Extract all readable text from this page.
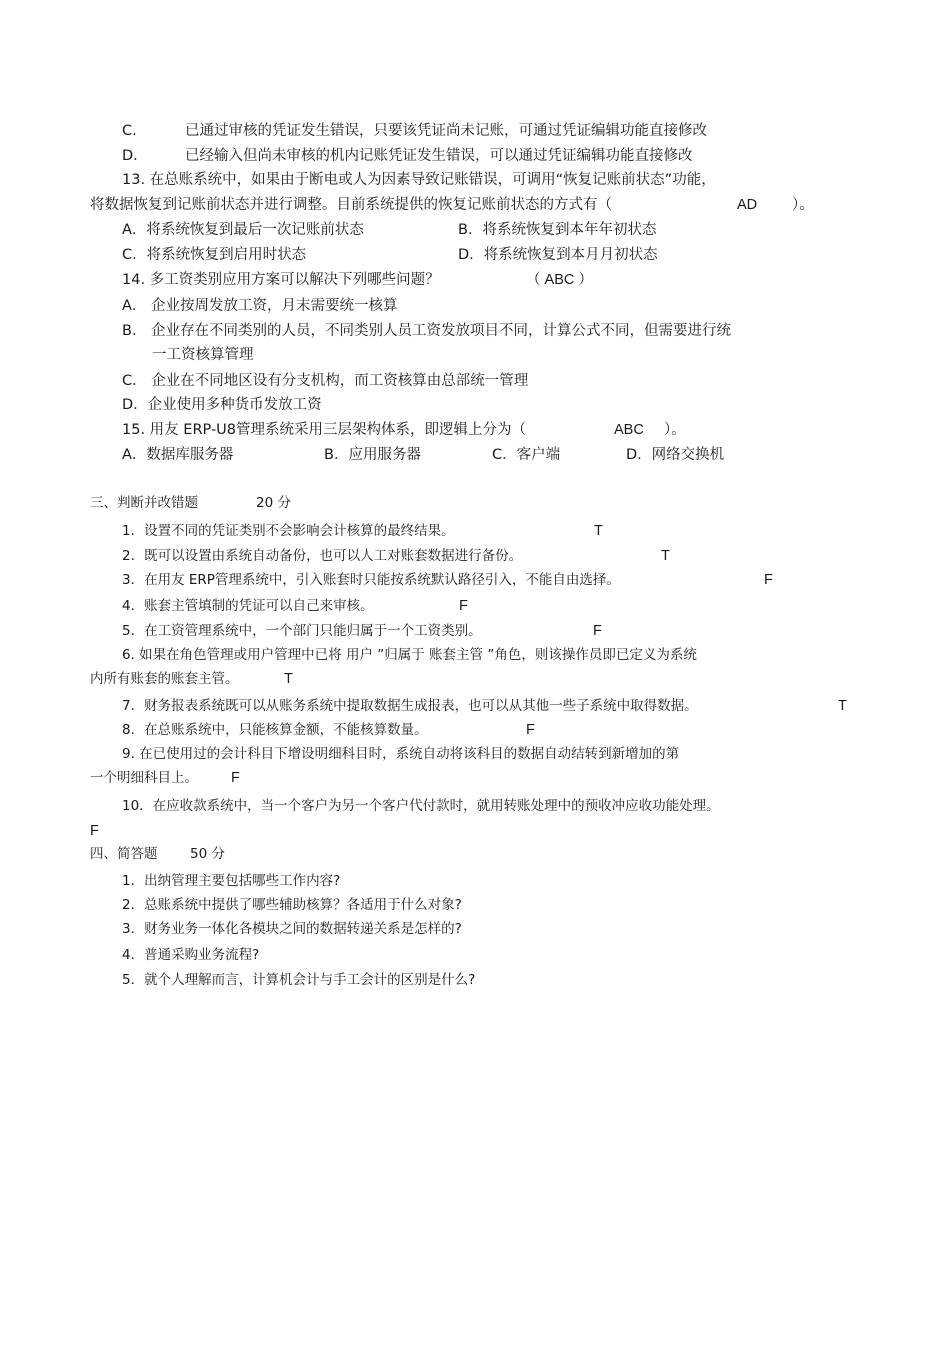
C．	已通过审核的凭证发生错误，只要该凭证尚未记账，可通过凭证编辑功能直接修改
D．	已经输入但尚未审核的机内记账凭证发生错误，可以通过凭证编辑功能直接修改
13. 在总账系统中，如果由于断电或人为因素导致记账错误，可调用“恢复记账前状态”功能，
将数据恢复到记账前状态并进行调整。目前系统提供的恢复记账前状态的方式有（	AD ）。
A．将系统恢复到最后一次记账前状态	B．将系统恢复到本年年初状态
C．将系统恢复到启用时状态	D．将系统恢复到本月月初状态
14. 多工资类别应用方案可以解决下列哪些问题？	（ ABC ）
A． 企业按周发放工资，月末需要统一核算
B． 企业存在不同类别的人员，不同类别人员工资发放项目不同，计算公式不同，但需要进行统
一工资核算管理
C． 企业在不同地区设有分支机构，而工资核算由总部统一管理
D．企业使用多种货币发放工资
15. 用友 ERP-U8管理系统采用三层架构体系，即逻辑上分为（	ABC ）。
A．数据库服务器	B．应用服务器	C．客户端	D．网络交换机
三、判断并改错题	20 分
1．设置不同的凭证类别不会影响会计核算的最终结果。	T
2．既可以设置由系统自动备份，也可以人工对账套数据进行备份。	T
3．在用友 ERP管理系统中，引入账套时只能按系统默认路径引入，不能自由选择。	F
4．账套主管填制的凭证可以自己来审核。	F
5．在工资管理系统中，一个部门只能归属于一个工资类别。	F
6. 如果在角色管理或用户管理中已将 用户 ”归属于 账套主管 ”角色，则该操作员即已定义为系统
内所有账套的账套主管。	T
7．财务报表系统既可以从账务系统中提取数据生成报表，也可以从其他一些子系统中取得数据。	T
8．在总账系统中，只能核算金额，不能核算数量。	F
9. 在已使用过的会计科目下增设明细科目时，系统自动将该科目的数据自动结转到新增加的第
一个明细科目上。 F
10．在应收款系统中，当一个客户为另一个客户代付款时，就用转账处理中的预收冲应收功能处理。
F
四、简答题 50 分
1．出纳管理主要包括哪些工作内容?
2．总账系统中提供了哪些辅助核算？各适用于什么对象?
3．财务业务一体化各模块之间的数据转递关系是怎样的?
4．普通采购业务流程?
5．就个人理解而言，计算机会计与手工会计的区别是什么?
